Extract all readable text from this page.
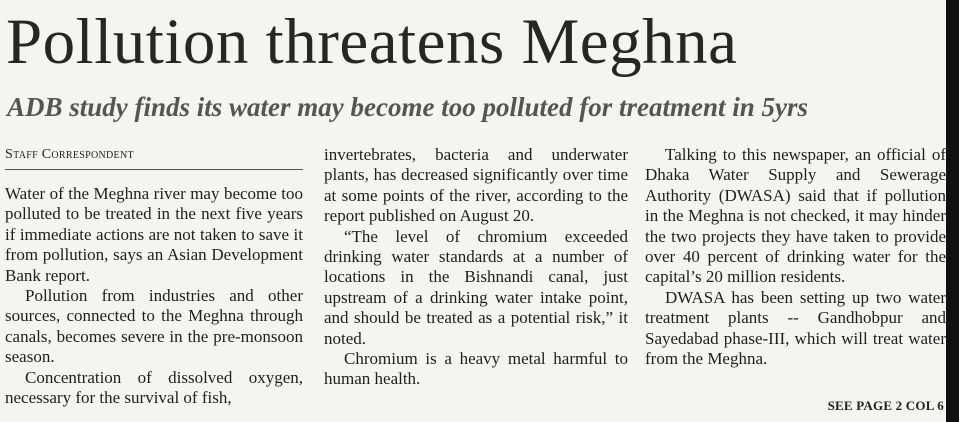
Pollution threatens Meghna
ADB study finds its water may become too polluted for treatment in 5yrs
Staff Correspondent

Water of the Meghna river may become too polluted to be treated in the next five years if immediate actions are not taken to save it from pollution, says an Asian Development Bank report.

Pollution from industries and other sources, connected to the Meghna through canals, becomes severe in the pre-monsoon season.

Concentration of dissolved oxygen, necessary for the survival of fish,

invertebrates, bacteria and underwater plants, has decreased significantly over time at some points of the river, according to the report published on August 20.

“The level of chromium exceeded drinking water standards at a number of locations in the Bishnandi canal, just upstream of a drinking water intake point, and should be treated as a potential risk,” it noted.

Chromium is a heavy metal harmful to human health.

Talking to this newspaper, an official of Dhaka Water Supply and Sewerage Authority (DWASA) said that if pollution in the Meghna is not checked, it may hinder the two projects they have taken to provide over 40 percent of drinking water for the capital’s 20 million residents.

DWASA has been setting up two water treatment plants -- Gandhobpur and Sayedabad phase-III, which will treat water from the Meghna.

SEE PAGE 2 COL 6
